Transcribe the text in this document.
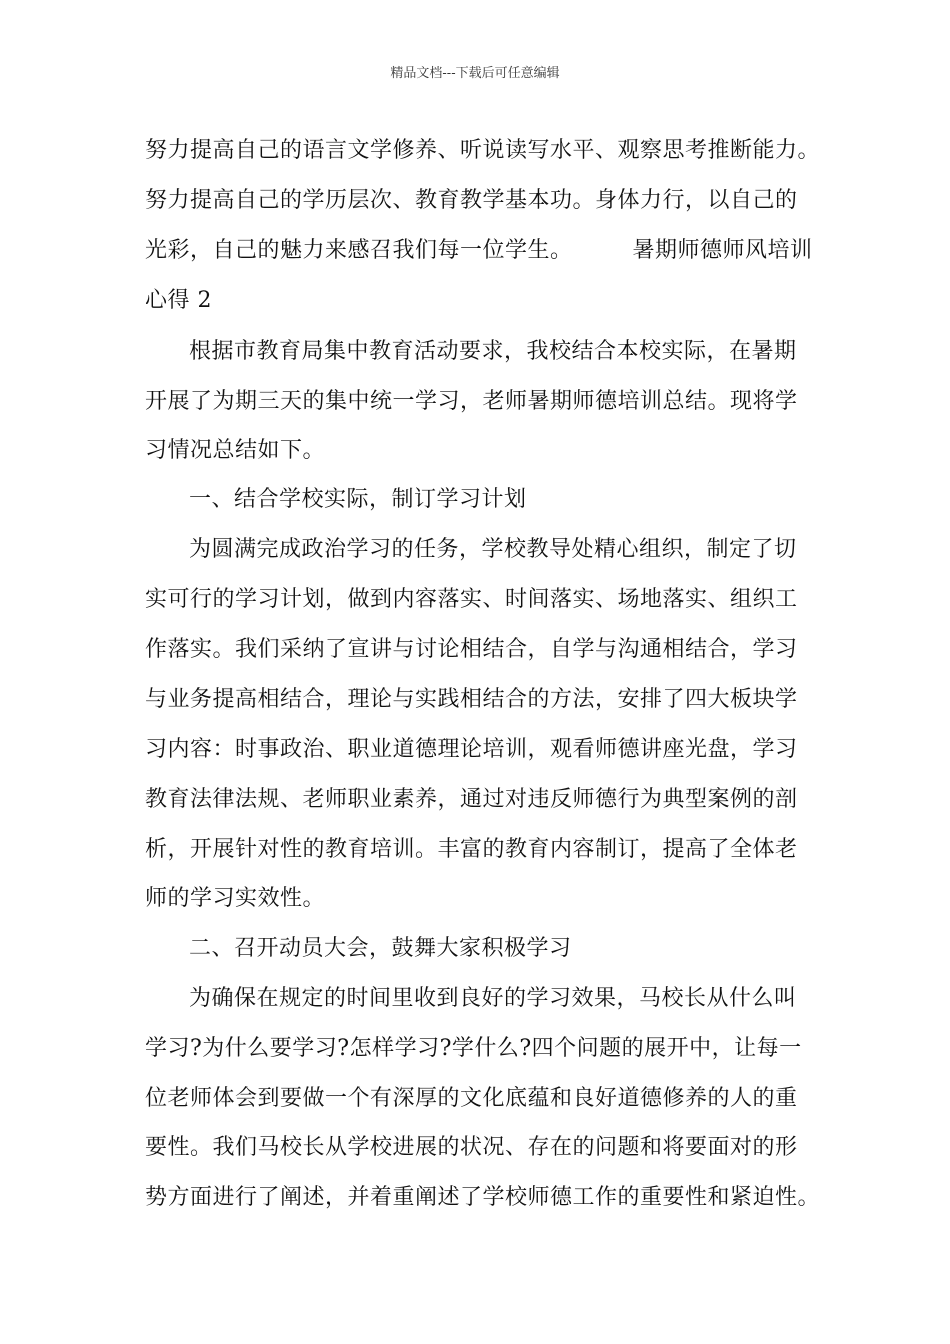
精品文档---下载后可任意编辑
努力提高自己的语言文学修养、听说读写水平、观察思考推断能力。
努力提高自己的学历层次、教育教学基本功。身体力行，以自己的
光彩，自己的魅力来感召我们每一位学生。        暑期师德师风培训
心得 2
根据市教育局集中教育活动要求，我校结合本校实际，在暑期
开展了为期三天的集中统一学习，老师暑期师德培训总结。现将学
习情况总结如下。
一、结合学校实际，制订学习计划
为圆满完成政治学习的任务，学校教导处精心组织，制定了切
实可行的学习计划，做到内容落实、时间落实、场地落实、组织工
作落实。我们采纳了宣讲与讨论相结合，自学与沟通相结合，学习
与业务提高相结合，理论与实践相结合的方法，安排了四大板块学
习内容：时事政治、职业道德理论培训，观看师德讲座光盘，学习
教育法律法规、老师职业素养，通过对违反师德行为典型案例的剖
析，开展针对性的教育培训。丰富的教育内容制订，提高了全体老
师的学习实效性。
二、召开动员大会，鼓舞大家积极学习
为确保在规定的时间里收到良好的学习效果，马校长从什么叫
学习?为什么要学习?怎样学习?学什么?四个问题的展开中，让每一
位老师体会到要做一个有深厚的文化底蕴和良好道德修养的人的重
要性。我们马校长从学校进展的状况、存在的问题和将要面对的形
势方面进行了阐述，并着重阐述了学校师德工作的重要性和紧迫性。
